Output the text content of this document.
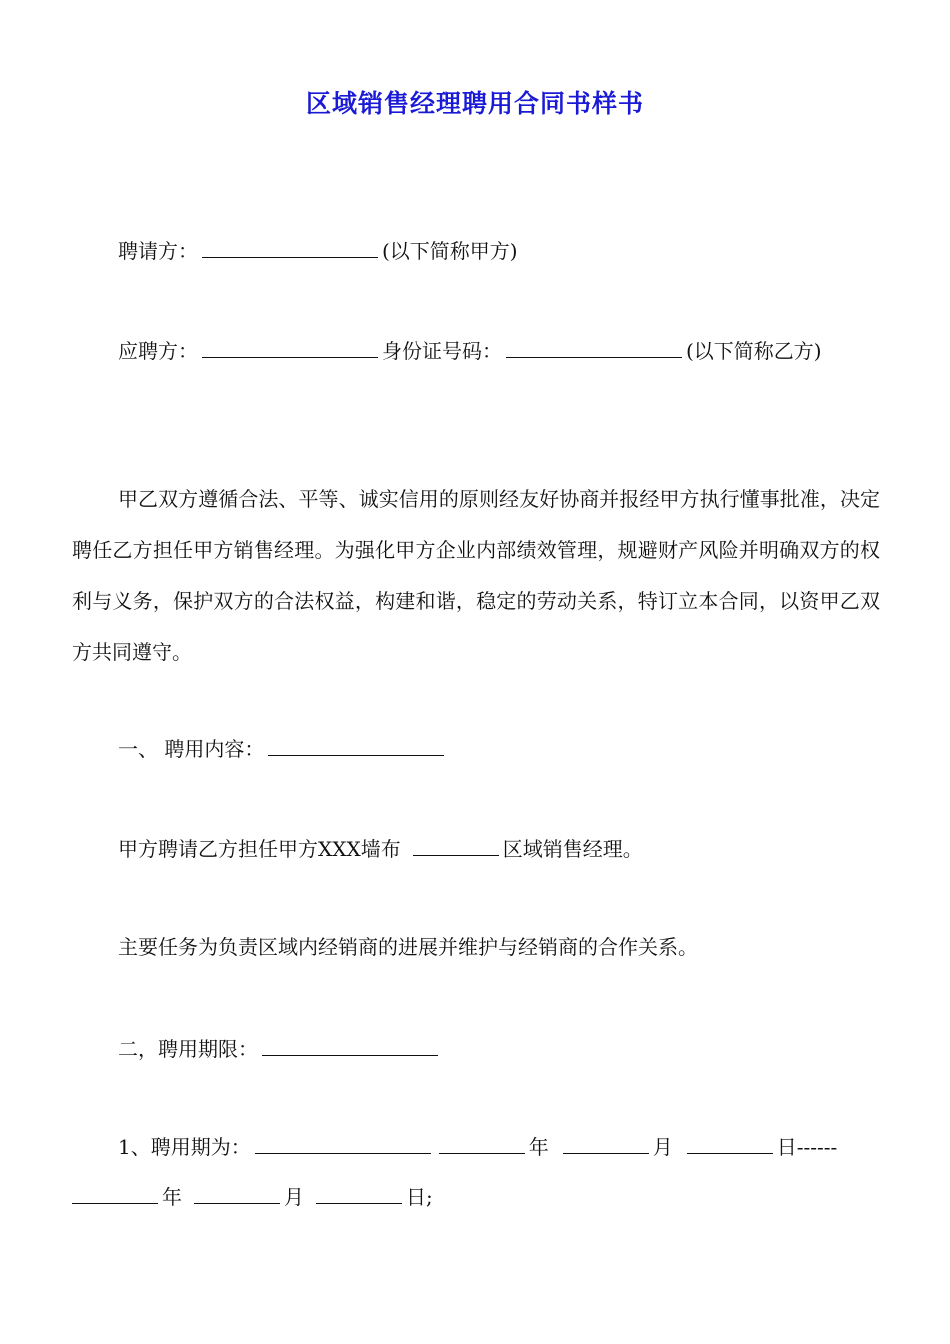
区域销售经理聘用合同书样书
聘请方：	(以下简称甲方)
应聘方：	身份证号码：	(以下简称乙方)
甲乙双方遵循合法、平等、诚实信用的原则经友好协商并报经甲方执行懂事批准，决定聘任乙方担任甲方销售经理。为强化甲方企业内部绩效管理，规避财产风险并明确双方的权利与义务，保护双方的合法权益，构建和谐，稳定的劳动关系，特订立本合同，以资甲乙双方共同遵守。
一、 聘用内容：
甲方聘请乙方担任甲方XXX墙布	区域销售经理。
主要任务为负责区域内经销商的进展并维护与经销商的合作关系。
二，聘用期限：
1、聘用期为：	年	月	日------
年	月	日;
